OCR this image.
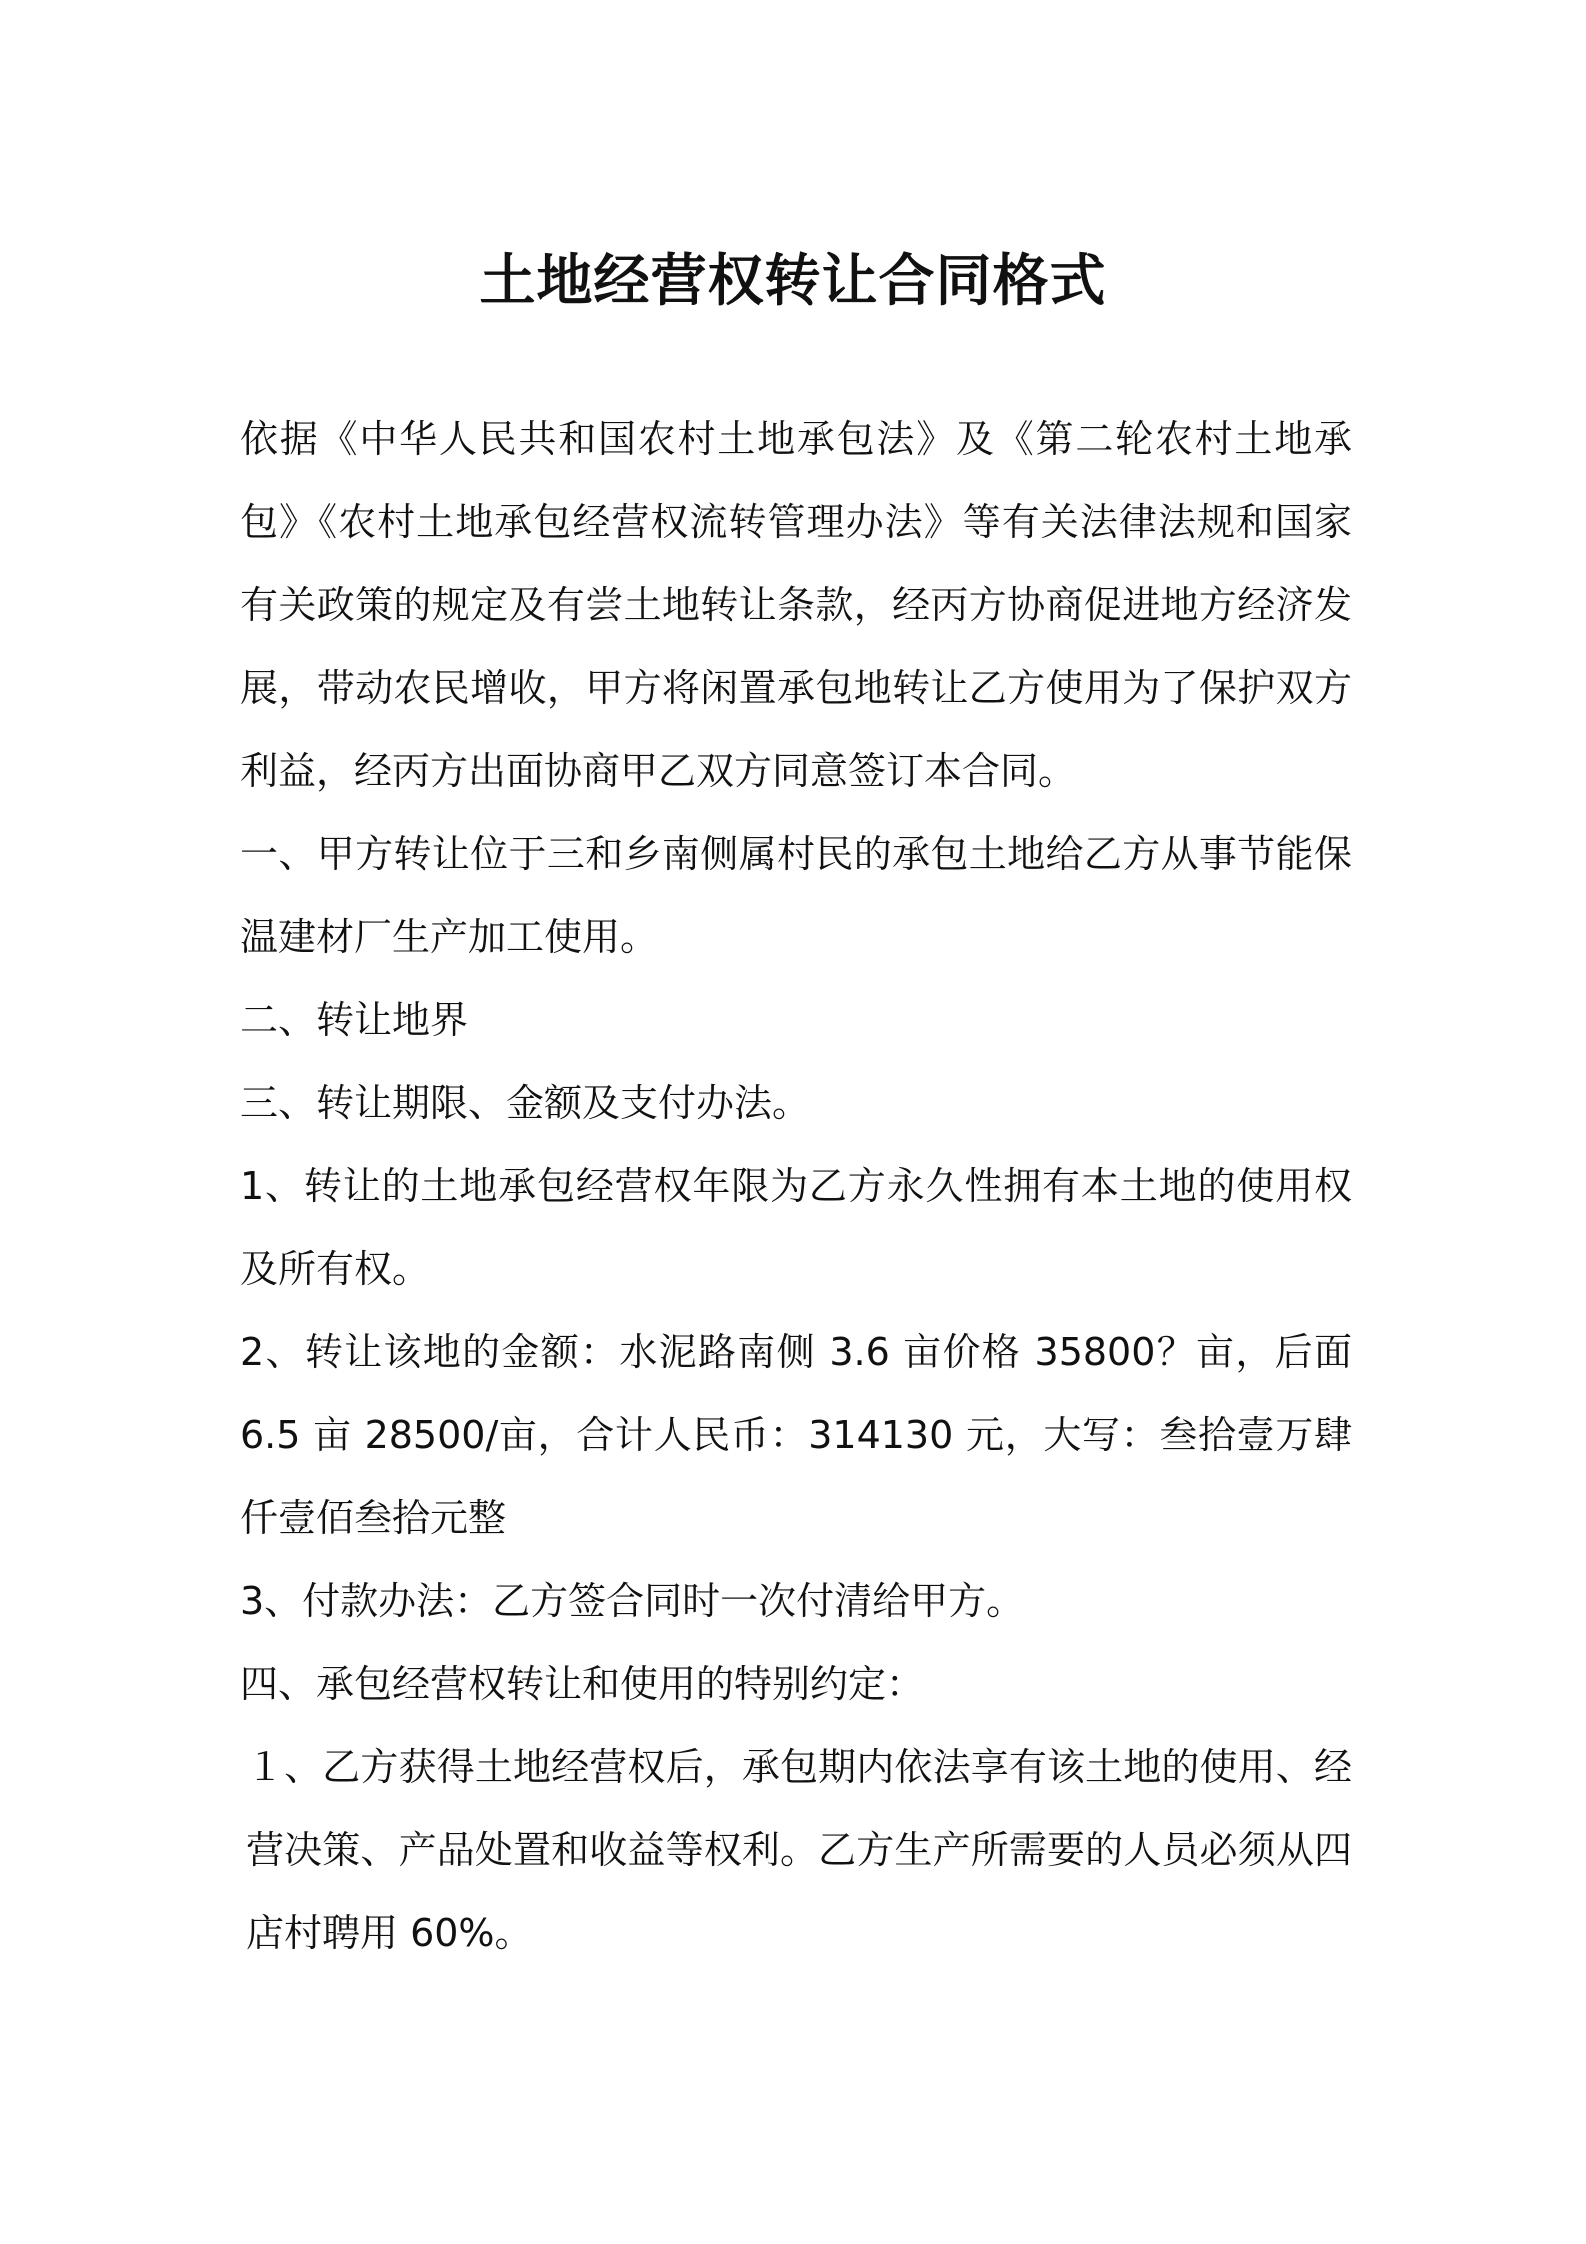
土地经营权转让合同格式

依据《中华人民共和国农村土地承包法》及《第二轮农村土地承包》《农村土地承包经营权流转管理办法》等有关法律法规和国家有关政策的规定及有尝土地转让条款，经丙方协商促进地方经济发展，带动农民增收，甲方将闲置承包地转让乙方使用为了保护双方利益，经丙方出面协商甲乙双方同意签订本合同。

一、甲方转让位于三和乡南侧属村民的承包土地给乙方从事节能保温建材厂生产加工使用。

二、转让地界

三、转让期限、金额及支付办法。

1、转让的土地承包经营权年限为乙方永久性拥有本土地的使用权及所有权。

2、转让该地的金额：水泥路南侧 3.6 亩价格 35800？亩，后面 6.5 亩 28500/亩，合计人民币：314130 元，大写：叁拾壹万肆仟壹佰叁拾元整

3、付款办法：乙方签合同时一次付清给甲方。

四、承包经营权转让和使用的特别约定：

１、乙方获得土地经营权后，承包期内依法享有该土地的使用、经营决策、产品处置和收益等权利。乙方生产所需要的人员必须从四店村聘用 60%。
